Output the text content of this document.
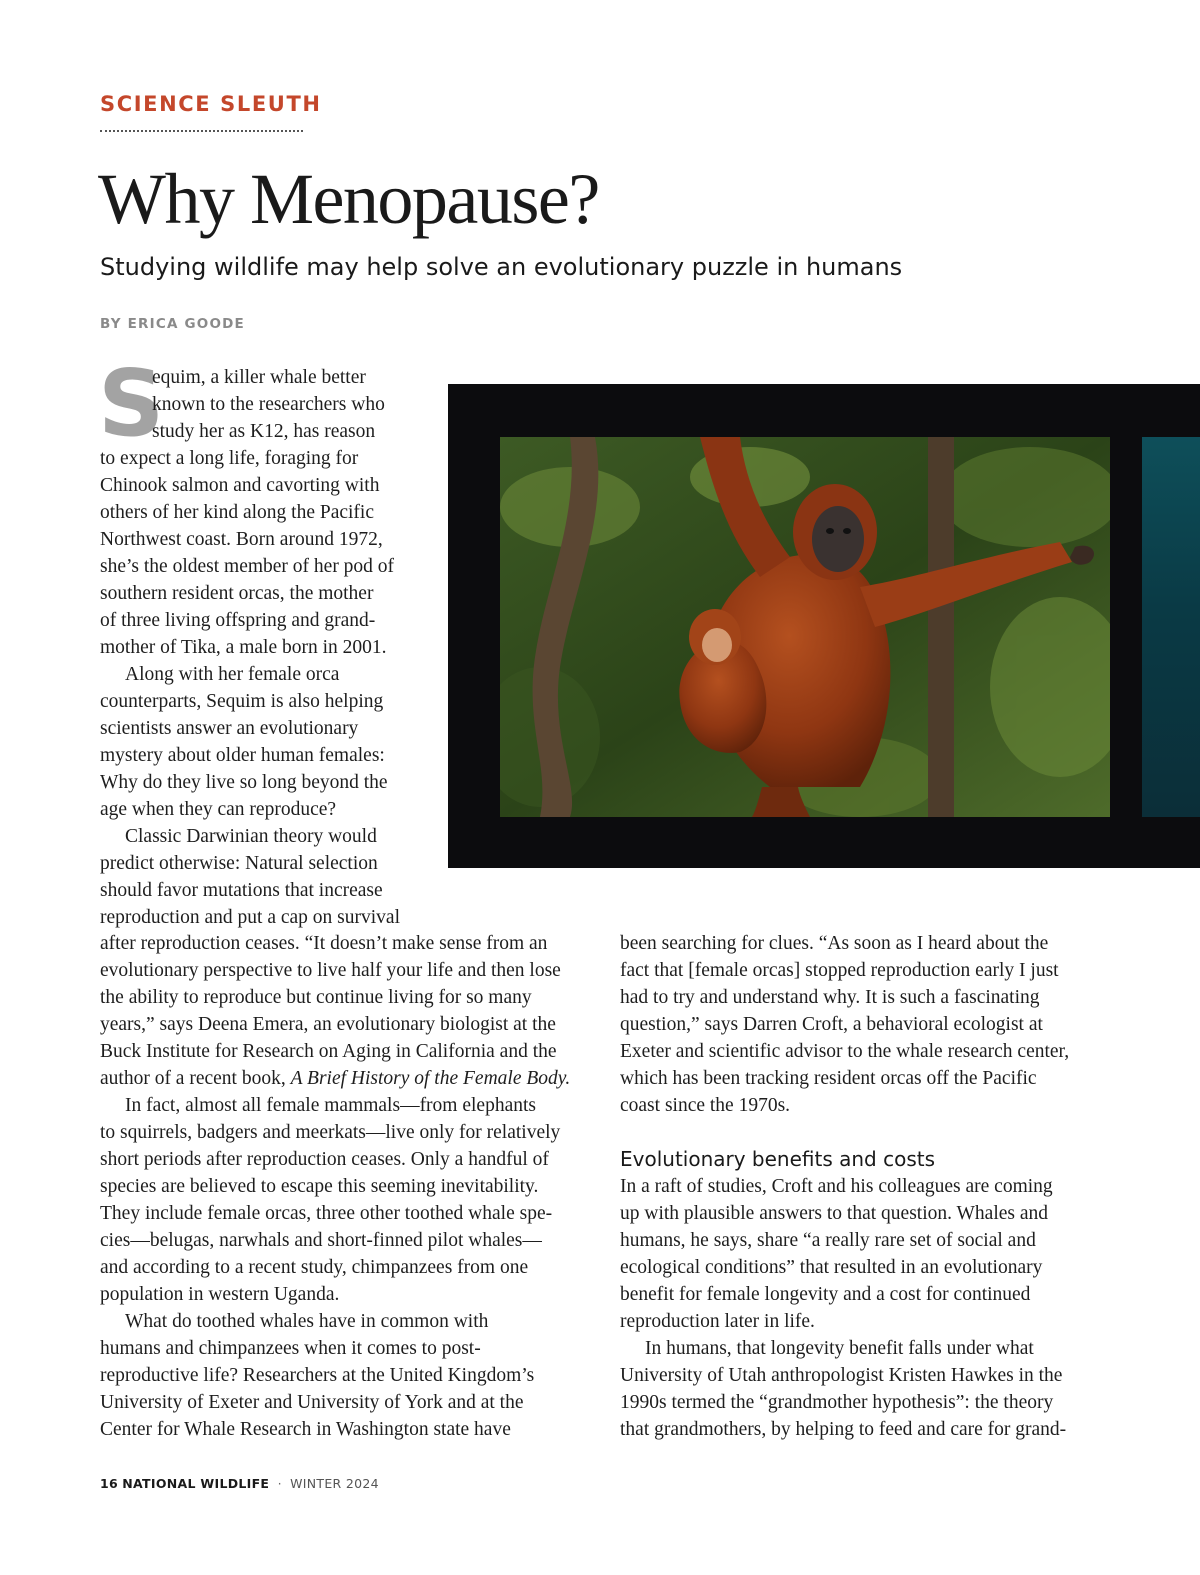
SCIENCE SLEUTH
Why Menopause?
Studying wildlife may help solve an evolutionary puzzle in humans
BY ERICA GOODE
S

equim, a killer whale better

known to the researchers who

study her as K12, has reason

to expect a long life, foraging for

Chinook salmon and cavorting with

others of her kind along the Pacific

Northwest coast. Born around 1972,

she’s the oldest member of her pod of

southern resident orcas, the mother

of three living offspring and grand-

mother of Tika, a male born in 2001.

Along with her female orca

counterparts, Sequim is also helping

scientists answer an evolutionary

mystery about older human females:

Why do they live so long beyond the

age when they can reproduce?

Classic Darwinian theory would

predict otherwise: Natural selection

should favor mutations that increase

reproduction and put a cap on survival

after reproduction ceases. “It doesn’t make sense from an

evolutionary perspective to live half your life and then lose

the ability to reproduce but continue living for so many

years,” says Deena Emera, an evolutionary biologist at the

Buck Institute for Research on Aging in California and the

author of a recent book, A Brief History of the Female Body.

In fact, almost all female mammals—from elephants

to squirrels, badgers and meerkats—live only for relatively

short periods after reproduction ceases. Only a handful of

species are believed to escape this seeming inevitability.

They include female orcas, three other toothed whale spe-

cies—belugas, narwhals and short-finned pilot whales—

and according to a recent study, chimpanzees from one

population in western Uganda.

What do toothed whales have in common with

humans and chimpanzees when it comes to post-

reproductive life? Researchers at the United Kingdom’s

University of Exeter and University of York and at the

Center for Whale Research in Washington state have

been searching for clues. “As soon as I heard about the

fact that [female orcas] stopped reproduction early I just

had to try and understand why. It is such a fascinating

question,” says Darren Croft, a behavioral ecologist at

Exeter and scientific advisor to the whale research center,

which has been tracking resident orcas off the Pacific

coast since the 1970s.

Evolutionary benefits and costs

In a raft of studies, Croft and his colleagues are coming

up with plausible answers to that question. Whales and

humans, he says, share “a really rare set of social and

ecological conditions” that resulted in an evolutionary

benefit for female longevity and a cost for continued

reproduction later in life.

In humans, that longevity benefit falls under what

University of Utah anthropologist Kristen Hawkes in the

1990s termed the “grandmother hypothesis”: the theory

that grandmothers, by helping to feed and care for grand-

16 NATIONAL WILDLIFE · WINTER 2024
